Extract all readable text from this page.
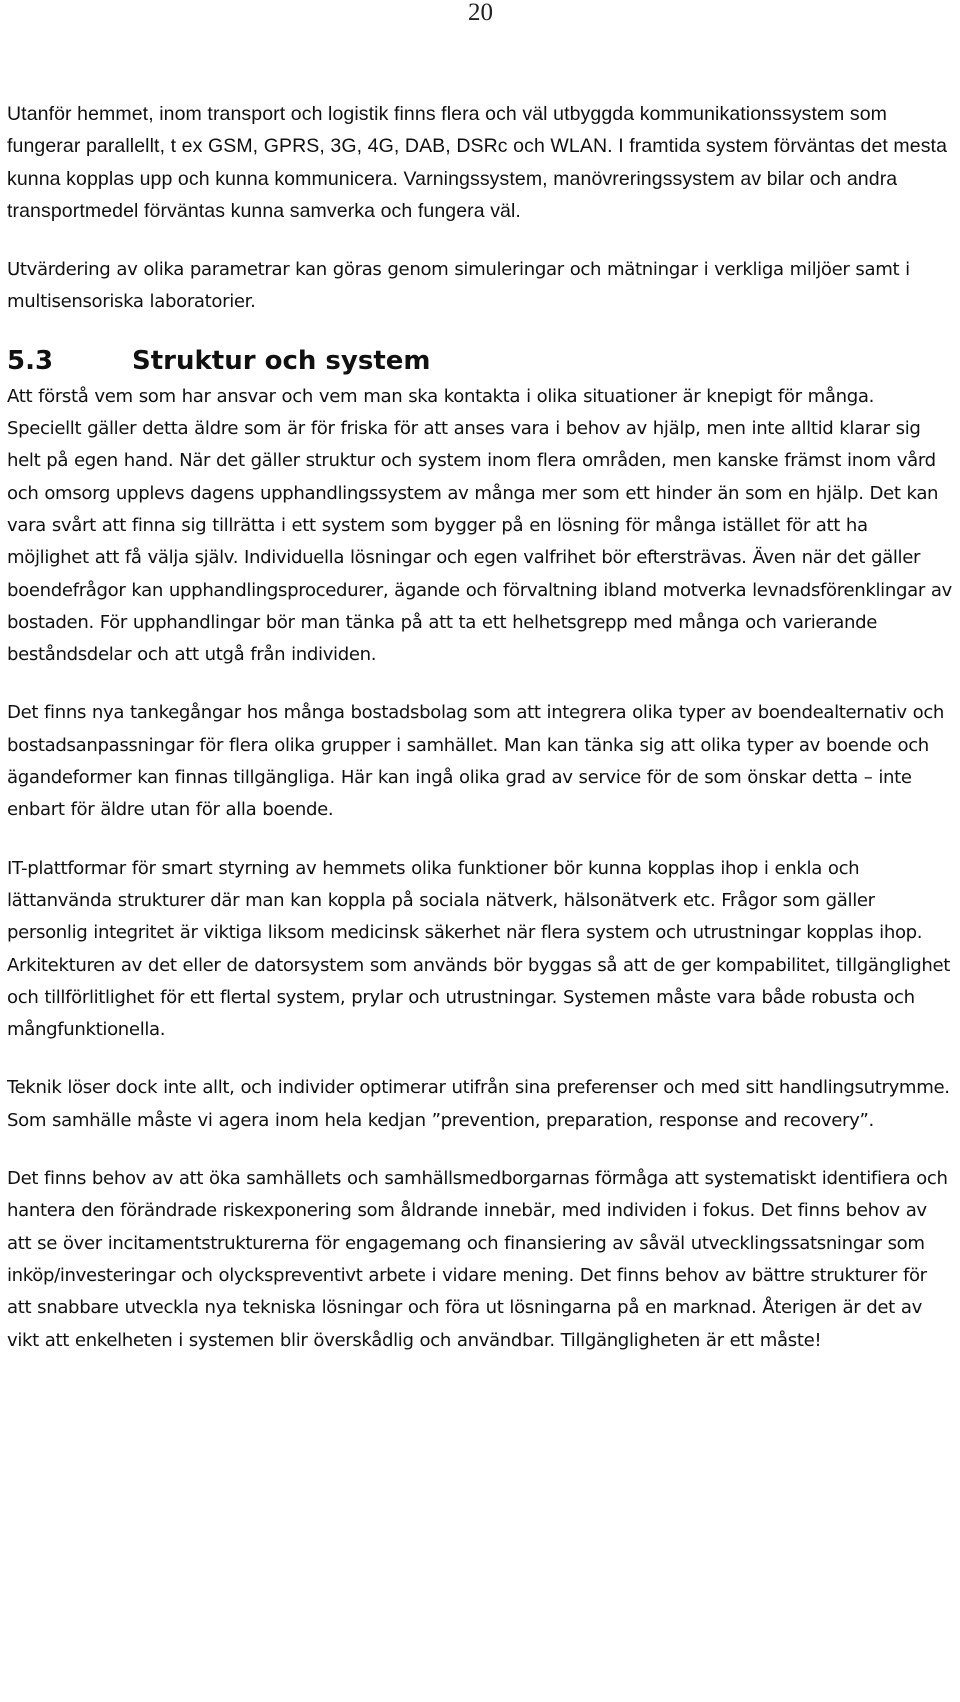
20

Utanför hemmet, inom transport och logistik finns flera och väl utbyggda kommunikationssystem som fungerar parallellt, t ex GSM, GPRS, 3G, 4G, DAB, DSRc och WLAN. I framtida system förväntas det mesta kunna kopplas upp och kunna kommunicera. Varningssystem, manövreringssystem av bilar och andra transportmedel förväntas kunna samverka och fungera väl.

Utvärdering av olika parametrar kan göras genom simuleringar och mätningar i verkliga miljöer samt i multisensoriska laboratorier.

5.3	Struktur och system

Att förstå vem som har ansvar och vem man ska kontakta i olika situationer är knepigt för många. Speciellt gäller detta äldre som är för friska för att anses vara i behov av hjälp, men inte alltid klarar sig helt på egen hand. När det gäller struktur och system inom flera områden, men kanske främst inom vård och omsorg upplevs dagens upphandlingssystem av många mer som ett hinder än som en hjälp. Det kan vara svårt att finna sig tillrätta i ett system som bygger på en lösning för många istället för att ha möjlighet att få välja själv. Individuella lösningar och egen valfrihet bör eftersträvas. Även när det gäller boendefrågor kan upphandlingsprocedurer, ägande och förvaltning ibland motverka levnadsförenklingar av bostaden. För upphandlingar bör man tänka på att ta ett helhetsgrepp med många och varierande beståndsdelar och att utgå från individen.

Det finns nya tankegångar hos många bostadsbolag som att integrera olika typer av boendealternativ och bostadsanpassningar för flera olika grupper i samhället. Man kan tänka sig att olika typer av boende och ägandeformer kan finnas tillgängliga. Här kan ingå olika grad av service för de som önskar detta – inte enbart för äldre utan för alla boende.

IT-plattformar för smart styrning av hemmets olika funktioner bör kunna kopplas ihop i enkla och lättanvända strukturer där man kan koppla på sociala nätverk, hälsonätverk etc. Frågor som gäller personlig integritet är viktiga liksom medicinsk säkerhet när flera system och utrustningar kopplas ihop. Arkitekturen av det eller de datorsystem som används bör byggas så att de ger kompabilitet, tillgänglighet och tillförlitlighet för ett flertal system, prylar och utrustningar. Systemen måste vara både robusta och mångfunktionella.

Teknik löser dock inte allt, och individer optimerar utifrån sina preferenser och med sitt handlingsutrymme. Som samhälle måste vi agera inom hela kedjan ”prevention, preparation, response and recovery”.

Det finns behov av att öka samhällets och samhällsmedborgarnas förmåga att systematiskt identifiera och hantera den förändrade riskexponering som åldrande innebär, med individen i fokus. Det finns behov av att se över incitamentstrukturerna för engagemang och finansiering av såväl utvecklingssatsningar som inköp/investeringar och olyckspreventivt arbete i vidare mening. Det finns behov av bättre strukturer för att snabbare utveckla nya tekniska lösningar och föra ut lösningarna på en marknad. Återigen är det av vikt att enkelheten i systemen blir överskådlig och användbar. Tillgängligheten är ett måste!
